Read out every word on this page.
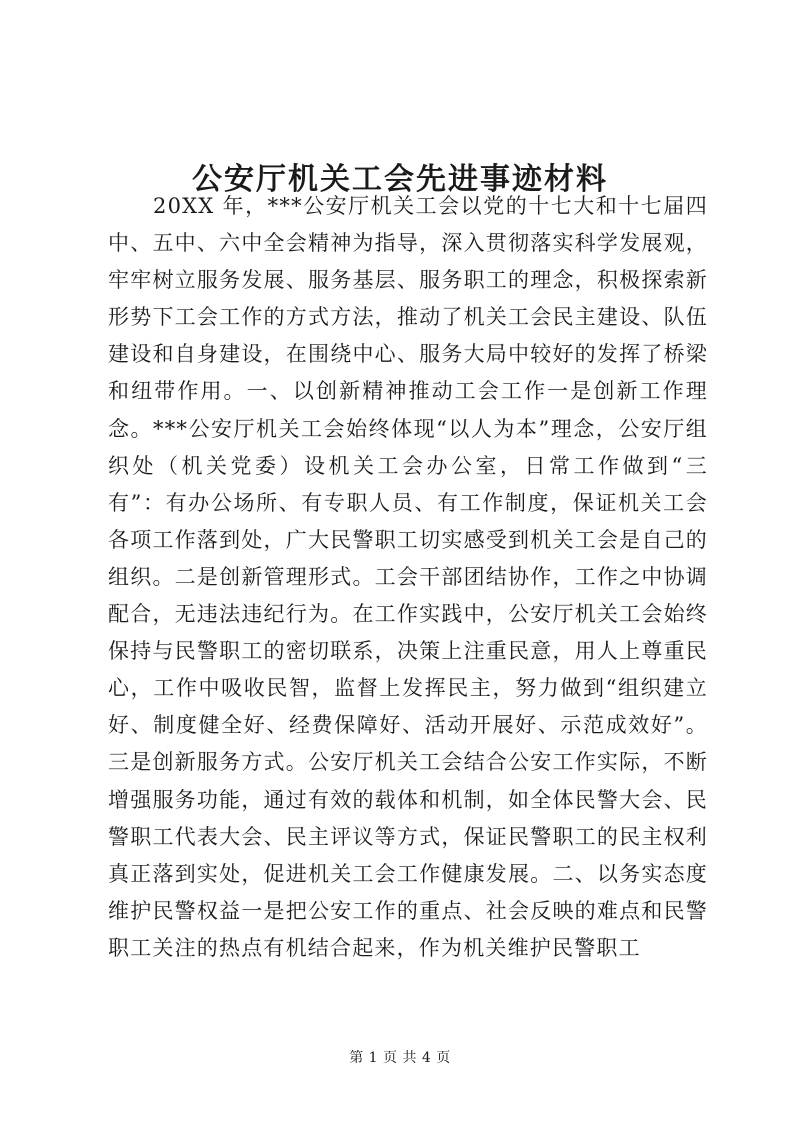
公安厅机关工会先进事迹材料

　　20XX 年，***公安厅机关工会以党的十七大和十七届四中、五中、六中全会精神为指导，深入贯彻落实科学发展观，牢牢树立服务发展、服务基层、服务职工的理念，积极探索新形势下工会工作的方式方法，推动了机关工会民主建设、队伍建设和自身建设，在围绕中心、服务大局中较好的发挥了桥梁和纽带作用。一、以创新精神推动工会工作一是创新工作理念。***公安厅机关工会始终体现“以人为本”理念，公安厅组织处（机关党委）设机关工会办公室，日常工作做到“三有”：有办公场所、有专职人员、有工作制度，保证机关工会各项工作落到处，广大民警职工切实感受到机关工会是自己的组织。二是创新管理形式。工会干部团结协作，工作之中协调配合，无违法违纪行为。在工作实践中，公安厅机关工会始终保持与民警职工的密切联系，决策上注重民意，用人上尊重民心，工作中吸收民智，监督上发挥民主，努力做到“组织建立好、制度健全好、经费保障好、活动开展好、示范成效好”。三是创新服务方式。公安厅机关工会结合公安工作实际，不断增强服务功能，通过有效的载体和机制，如全体民警大会、民警职工代表大会、民主评议等方式，保证民警职工的民主权利真正落到实处，促进机关工会工作健康发展。二、以务实态度维护民警权益一是把公安工作的重点、社会反映的难点和民警职工关注的热点有机结合起来，作为机关维护民警职工

第 1 页 共 4 页
